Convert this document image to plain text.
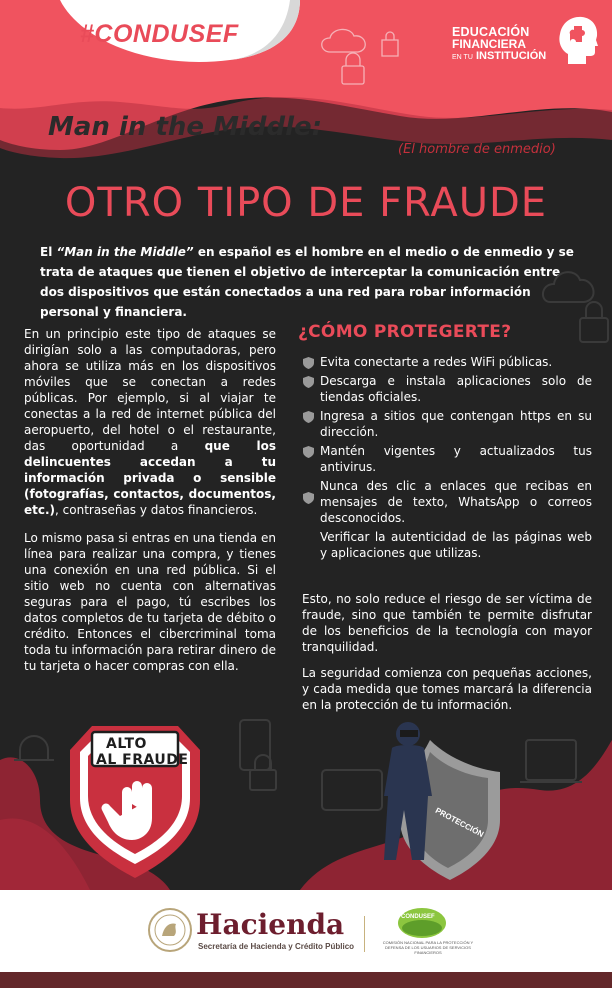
#CONDUSEF	EDUCACIÓN
FINANCIERA
EN TU INSTITUCIÓN
Man in the Middle:
(El hombre de enmedio)
OTRO TIPO DE FRAUDE
El “Man in the Middle” en español es el hombre en el medio o de enmedio y se trata de ataques que tienen el objetivo de interceptar la comunicación entre dos dispositivos que están conectados a una red para robar información personal y financiera.

En un principio este tipo de ataques se dirigían solo a las computadoras, pero ahora se utiliza más en los dispositivos móviles que se conectan a redes públicas. Por ejemplo, si al viajar te conectas a la red de internet pública del aeropuerto, del hotel o el restaurante, das oportunidad a que los delincuentes accedan a tu información privada o sensible (fotografías, contactos, documentos, etc.), contraseñas y datos financieros.

Lo mismo pasa si entras en una tienda en línea para realizar una compra, y tienes una conexión en una red pública. Si el sitio web no cuenta con alternativas seguras para el pago, tú escribes los datos completos de tu tarjeta de débito o crédito. Entonces el cibercriminal toma toda tu información para retirar dinero de tu tarjeta o hacer compras con ella.

¿CÓMO PROTEGERTE?
Evita conectarte a redes WiFi públicas.
Descarga e instala aplicaciones solo de tiendas oficiales.
Ingresa a sitios que contengan https en su dirección.
Mantén vigentes y actualizados tus antivirus.
Nunca des clic a enlaces que recibas en mensajes de texto, WhatsApp o correos desconocidos.
Verificar la autenticidad de las páginas web y aplicaciones que utilizas.

Esto, no solo reduce el riesgo de ser víctima de fraude, sino que también te permite disfrutar de los beneficios de la tecnología con mayor tranquilidad.

La seguridad comienza con pequeñas acciones, y cada medida que tomes marcará la diferencia en la protección de tu información.

ALTO
AL FRAUDE
PROTECCIÓN
Hacienda
Secretaría de Hacienda y Crédito Público
CONDUSEF
COMISIÓN NACIONAL PARA LA PROTECCIÓN Y DEFENSA DE LOS USUARIOS DE SERVICIOS FINANCIEROS
